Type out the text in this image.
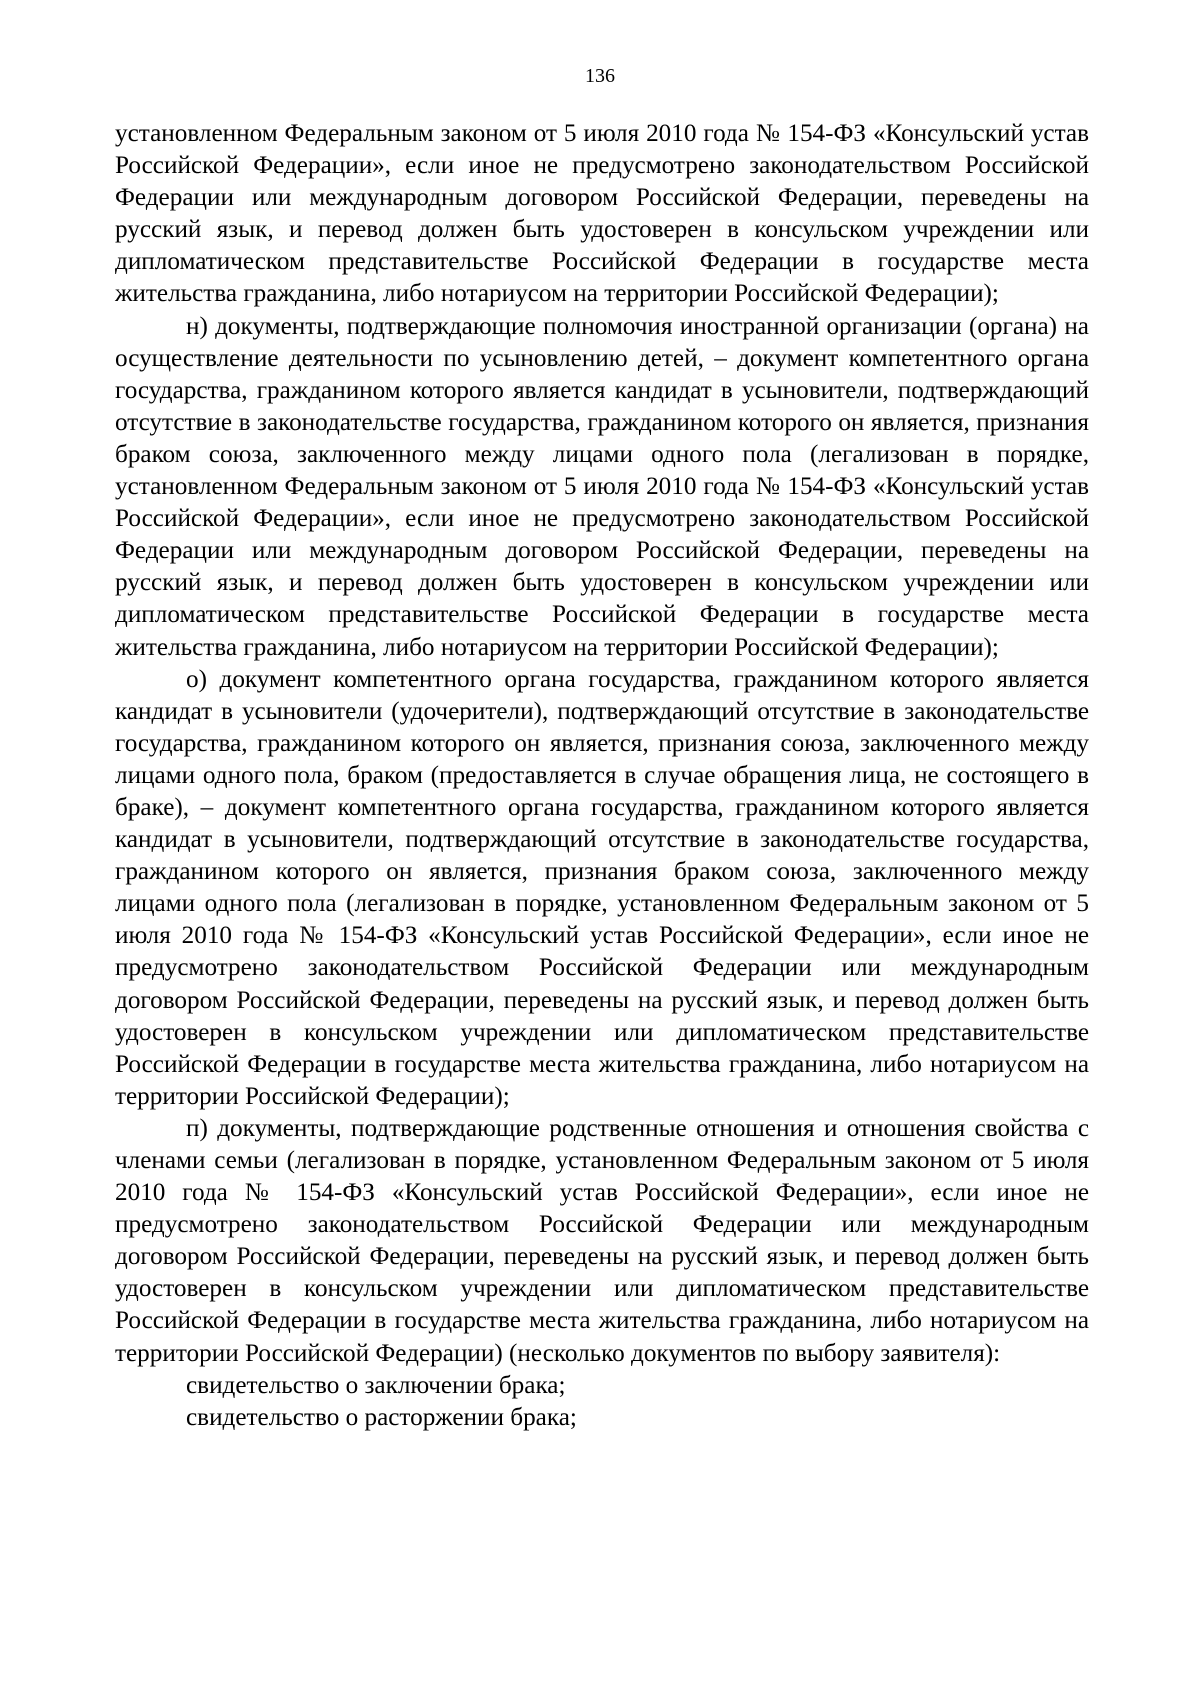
136

установленном Федеральным законом от 5 июля 2010 года № 154-ФЗ «Консульский устав Российской Федерации», если иное не предусмотрено законодательством Российской Федерации или международным договором Российской Федерации, переведены на русский язык, и перевод должен быть удостоверен в консульском учреждении или дипломатическом представительстве Российской Федерации в государстве места жительства гражданина, либо нотариусом на территории Российской Федерации);

н) документы, подтверждающие полномочия иностранной организации (органа) на осуществление деятельности по усыновлению детей, – документ компетентного органа государства, гражданином которого является кандидат в усыновители, подтверждающий отсутствие в законодательстве государства, гражданином которого он является, признания браком союза, заключенного между лицами одного пола (легализован в порядке, установленном Федеральным законом от 5 июля 2010 года № 154-ФЗ «Консульский устав Российской Федерации», если иное не предусмотрено законодательством Российской Федерации или международным договором Российской Федерации, переведены на русский язык, и перевод должен быть удостоверен в консульском учреждении или дипломатическом представительстве Российской Федерации в государстве места жительства гражданина, либо нотариусом на территории Российской Федерации);

о) документ компетентного органа государства, гражданином которого является кандидат в усыновители (удочерители), подтверждающий отсутствие в законодательстве государства, гражданином которого он является, признания союза, заключенного между лицами одного пола, браком (предоставляется в случае обращения лица, не состоящего в браке), – документ компетентного органа государства, гражданином которого является кандидат в усыновители, подтверждающий отсутствие в законодательстве государства, гражданином которого он является, признания браком союза, заключенного между лицами одного пола (легализован в порядке, установленном Федеральным законом от 5 июля 2010 года № 154-ФЗ «Консульский устав Российской Федерации», если иное не предусмотрено законодательством Российской Федерации или международным договором Российской Федерации, переведены на русский язык, и перевод должен быть удостоверен в консульском учреждении или дипломатическом представительстве Российской Федерации в государстве места жительства гражданина, либо нотариусом на территории Российской Федерации);

п) документы, подтверждающие родственные отношения и отношения свойства с членами семьи (легализован в порядке, установленном Федеральным законом от 5 июля 2010 года № 154-ФЗ «Консульский устав Российской Федерации», если иное не предусмотрено законодательством Российской Федерации или международным договором Российской Федерации, переведены на русский язык, и перевод должен быть удостоверен в консульском учреждении или дипломатическом представительстве Российской Федерации в государстве места жительства гражданина, либо нотариусом на территории Российской Федерации) (несколько документов по выбору заявителя):

свидетельство о заключении брака;

свидетельство о расторжении брака;
